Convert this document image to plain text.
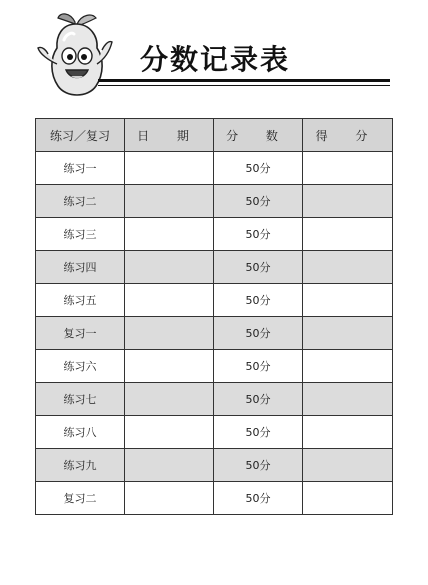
分数记录表
练习／复习	日 期	分 数	得 分
练习一		50分	
练习二		50分	
练习三		50分	
练习四		50分	
练习五		50分	
复习一		50分	
练习六		50分	
练习七		50分	
练习八		50分	
练习九		50分	
复习二		50分	
